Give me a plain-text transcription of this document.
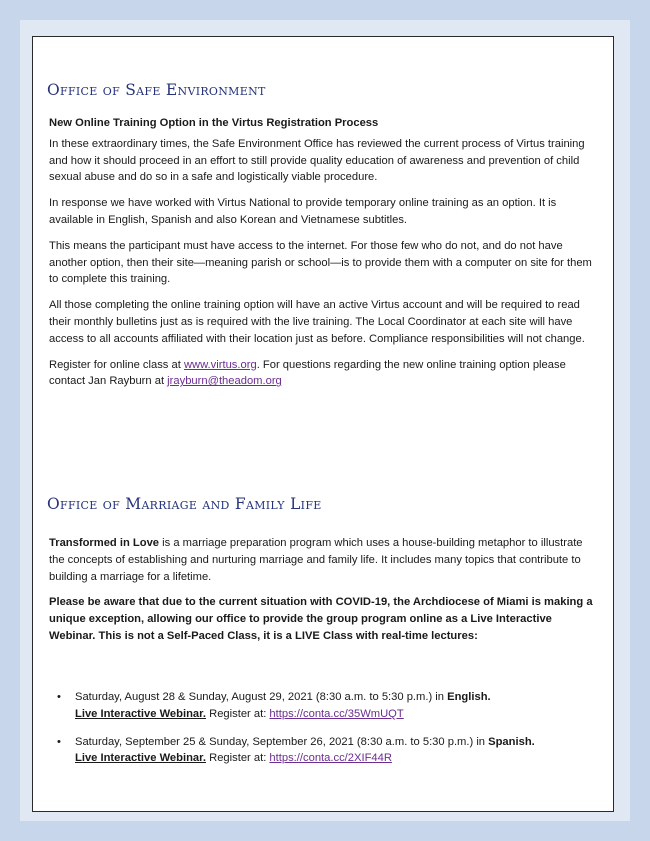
Office of Safe Environment

New Online Training Option in the Virtus Registration Process

In these extraordinary times, the Safe Environment Office has reviewed the current process of Virtus training and how it should proceed in an effort to still provide quality education of awareness and prevention of child sexual abuse and do so in a safe and logistically viable procedure.

In response we have worked with Virtus National to provide temporary online training as an option. It is available in English, Spanish and also Korean and Vietnamese subtitles.

This means the participant must have access to the internet. For those few who do not, and do not have another option, then their site—meaning parish or school—is to provide them with a computer on site for them to complete this training.

All those completing the online training option will have an active Virtus account and will be required to read their monthly bulletins just as is required with the live training. The Local Coordinator at each site will have access to all accounts affiliated with their location just as before. Compliance responsibilities will not change.

Register for online class at www.virtus.org. For questions regarding the new online training option please contact Jan Rayburn at jrayburn@theadom.org

Office of Marriage and Family Life

Transformed in Love is a marriage preparation program which uses a house-building metaphor to illustrate the concepts of establishing and nurturing marriage and family life. It includes many topics that contribute to building a marriage for a lifetime.

Please be aware that due to the current situation with COVID-19, the Archdiocese of Miami is making a unique exception, allowing our office to provide the group program online as a Live Interactive Webinar. This is not a Self-Paced Class, it is a LIVE Class with real-time lectures:

• Saturday, August 28 & Sunday, August 29, 2021 (8:30 a.m. to 5:30 p.m.) in English.
Live Interactive Webinar. Register at: https://conta.cc/35WmUQT
• Saturday, September 25 & Sunday, September 26, 2021 (8:30 a.m. to 5:30 p.m.) in Spanish.
Live Interactive Webinar. Register at: https://conta.cc/2XIF44R
